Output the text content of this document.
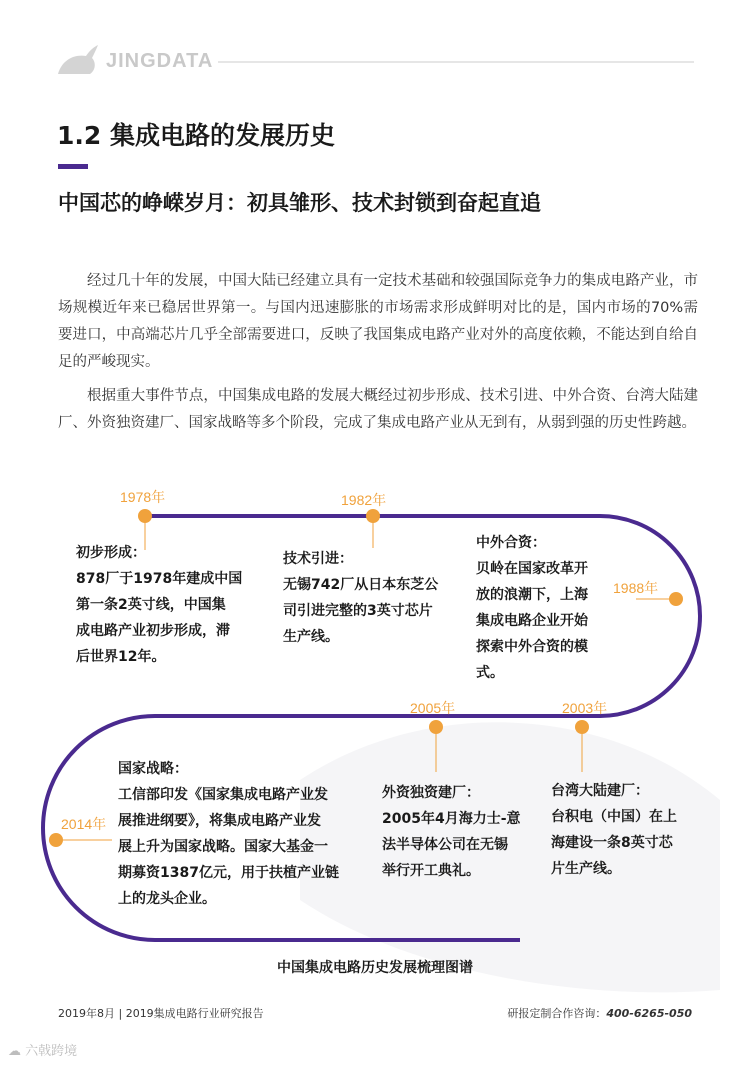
JINGDATA
1.2 集成电路的发展历史
中国芯的峥嵘岁月：初具雏形、技术封锁到奋起直追
经过几十年的发展，中国大陆已经建立具有一定技术基础和较强国际竞争力的集成电路产业，市场规模近年来已稳居世界第一。与国内迅速膨胀的市场需求形成鲜明对比的是，国内市场的70%需要进口，中高端芯片几乎全部需要进口，反映了我国集成电路产业对外的高度依赖，不能达到自给自足的严峻现实。
根据重大事件节点，中国集成电路的发展大概经过初步形成、技术引进、中外合资、台湾大陆建厂、外资独资建厂、国家战略等多个阶段，完成了集成电路产业从无到有，从弱到强的历史性跨越。
1978年	1982年
1988年
2003年
2005年
2014年
初步形成：
878厂于1978年建成中国
第一条2英寸线，中国集
成电路产业初步形成，滞
后世界12年。
技术引进：
无锡742厂从日本东芝公
司引进完整的3英寸芯片
生产线。
中外合资：
贝岭在国家改革开
放的浪潮下，上海
集成电路企业开始
探索中外合资的模
式。
台湾大陆建厂：
台积电（中国）在上
海建设一条8英寸芯
片生产线。
外资独资建厂：
2005年4月海力士-意
法半导体公司在无锡
举行开工典礼。
国家战略：
工信部印发《国家集成电路产业发
展推进纲要》，将集成电路产业发
展上升为国家战略。国家大基金一
期募资1387亿元，用于扶植产业链
上的龙头企业。
中国集成电路历史发展梳理图谱
2019年8月 | 2019集成电路行业研究报告	研报定制合作咨询：400-6265-050
☁ 六戟跨境
